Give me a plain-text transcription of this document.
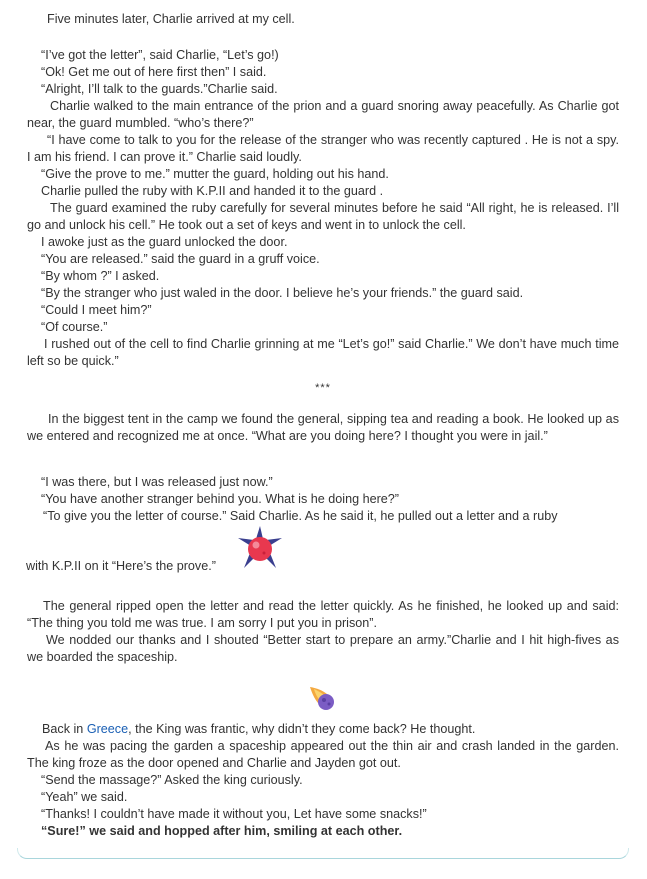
Five minutes later, Charlie arrived at my cell.
“I’ve got the letter”, said Charlie, “Let’s go!)
“Ok! Get me out of here first then” I said.
“Alright, I’ll talk to the guards.”Charlie said.
Charlie walked to the main entrance of the prion and a guard snoring away peacefully. As Charlie got near, the guard mumbled. “who’s there?”
“I have come to talk to you for the release of the stranger who was recently captured . He is not a spy. I am his friend. I can prove it.” Charlie said loudly.
“Give the prove to me.” mutter the guard, holding out his hand.
Charlie pulled the ruby with K.P.II and handed it to the guard .
The guard examined the ruby carefully for several minutes before he said “All right, he is released. I’ll go and unlock his cell.” He took out a set of keys and went in to unlock the cell.
I awoke just as the guard unlocked the door.
“You are released.” said the guard in a gruff voice.
“By whom ?” I asked.
“By the stranger who just waled in the door. I believe he’s your friends.” the guard said.
“Could I meet him?”
“Of course.”
I rushed out of the cell to find Charlie grinning at me “Let’s go!” said Charlie.” We don’t have much time left so be quick.”
***
In the biggest tent in the camp we found the general, sipping tea and reading a book. He looked up as we entered and recognized me at once. “What are you doing here? I thought you were in jail.”
“I was there, but I was released just now.”
“You have another stranger behind you. What is he doing here?”
“To give you the letter of course.” Said Charlie. As he said it, he pulled out a letter and a ruby
with K.P.II on it “Here’s the prove.”
The general ripped open the letter and read the letter quickly. As he finished, he looked up and said: “The thing you told me was true. I am sorry I put you in prison”.
We nodded our thanks and I shouted “Better start to prepare an army.”Charlie and I hit high-fives as we boarded the spaceship.
Back in Greece, the King was frantic, why didn’t they come back? He thought.
As he was pacing the garden a spaceship appeared out the thin air and crash landed in the garden. The king froze as the door opened and Charlie and Jayden got out.
“Send the massage?” Asked the king curiously.
“Yeah” we said.
“Thanks! I couldn’t have made it without you, Let have some snacks!”
“Sure!” we said and hopped after him, smiling at each other.
